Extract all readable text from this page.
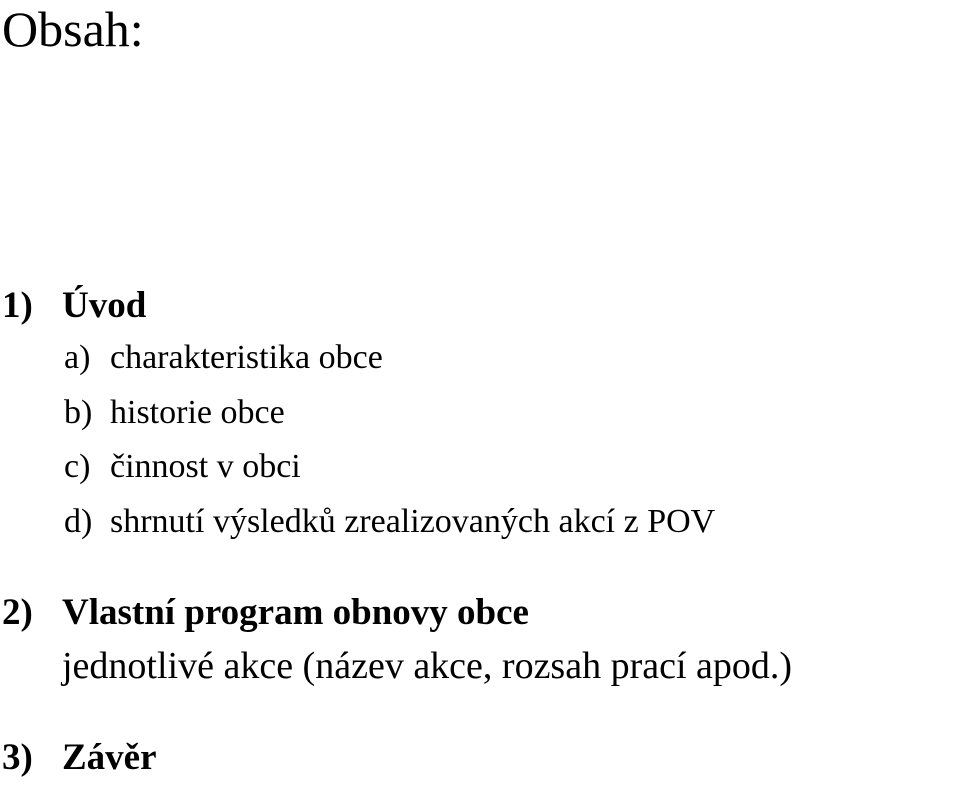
Obsah:
1) Úvod
a) charakteristika obce
b) historie obce
c) činnost v obci
d) shrnutí výsledků zrealizovaných akcí z POV
2) Vlastní program obnovy obce
jednotlivé akce (název akce, rozsah prací apod.)
3) Závěr
